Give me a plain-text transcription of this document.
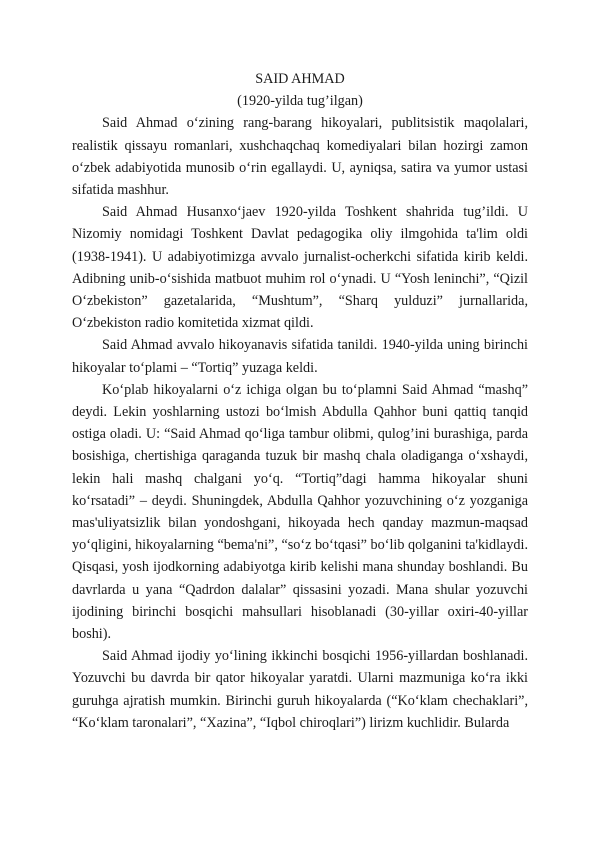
SAID AHMAD

(1920-yilda tug’ilgan)

Said Ahmad o‘zining rang-barang hikoyalari, publitsistik maqolalari, realistik qissayu romanlari, xushchaqchaq komediyalari bilan hozirgi zamon o‘zbek adabiyotida munosib o‘rin egallaydi. U, ayniqsa, satira va yumor ustasi sifatida mashhur.

Said Ahmad Husanxo‘jaev 1920-yilda Toshkent shahrida tug’ildi. U Nizomiy nomidagi Toshkent Davlat pedagogika oliy ilmgohida ta'lim oldi (1938-1941). U adabiyotimizga avvalo jurnalist-ocherkchi sifatida kirib keldi. Adibning unib-o‘sishida matbuot muhim rol o‘ynadi. U “Yosh leninchi”, “Qizil O‘zbekiston” gazetalarida, “Mushtum”, “Sharq yulduzi” jurnallarida, O‘zbekiston radio komitetida xizmat qildi.

Said Ahmad avvalo hikoyanavis sifatida tanildi. 1940-yilda uning birinchi hikoyalar to‘plami – “Tortiq” yuzaga keldi.

Ko‘plab hikoyalarni o‘z ichiga olgan bu to‘plamni Said Ahmad “mashq” deydi. Lekin yoshlarning ustozi bo‘lmish Abdulla Qahhor buni qattiq tanqid ostiga oladi. U: “Said Ahmad qo‘liga tambur olibmi, qulog’ini burashiga, parda bosishiga, chertishiga qaraganda tuzuk bir mashq chala oladiganga o‘xshaydi, lekin hali mashq chalgani yo‘q. “Tortiq”dagi hamma hikoyalar shuni ko‘rsatadi” – deydi. Shuningdek, Abdulla Qahhor yozuvchining o‘z yozganiga mas'uliyatsizlik bilan yondoshgani, hikoyada hech qanday mazmun-maqsad yo‘qligini, hikoyalarning “bema'ni”, “so‘z bo‘tqasi” bo‘lib qolganini ta'kidlaydi. Qisqasi, yosh ijodkorning adabiyotga kirib kelishi mana shunday boshlandi. Bu davrlarda u yana “Qadrdon dalalar” qissasini yozadi. Mana shular yozuvchi ijodining birinchi bosqichi mahsullari hisoblanadi (30-yillar oxiri-40-yillar boshi).

Said Ahmad ijodiy yo‘lining ikkinchi bosqichi 1956-yillardan boshlanadi. Yozuvchi bu davrda bir qator hikoyalar yaratdi. Ularni mazmuniga ko‘ra ikki guruhga ajratish mumkin. Birinchi guruh hikoyalarda (“Ko‘klam chechaklari”, “Ko‘klam taronalari”, “Xazina”, “Iqbol chiroqlari”) lirizm kuchlidir. Bularda
